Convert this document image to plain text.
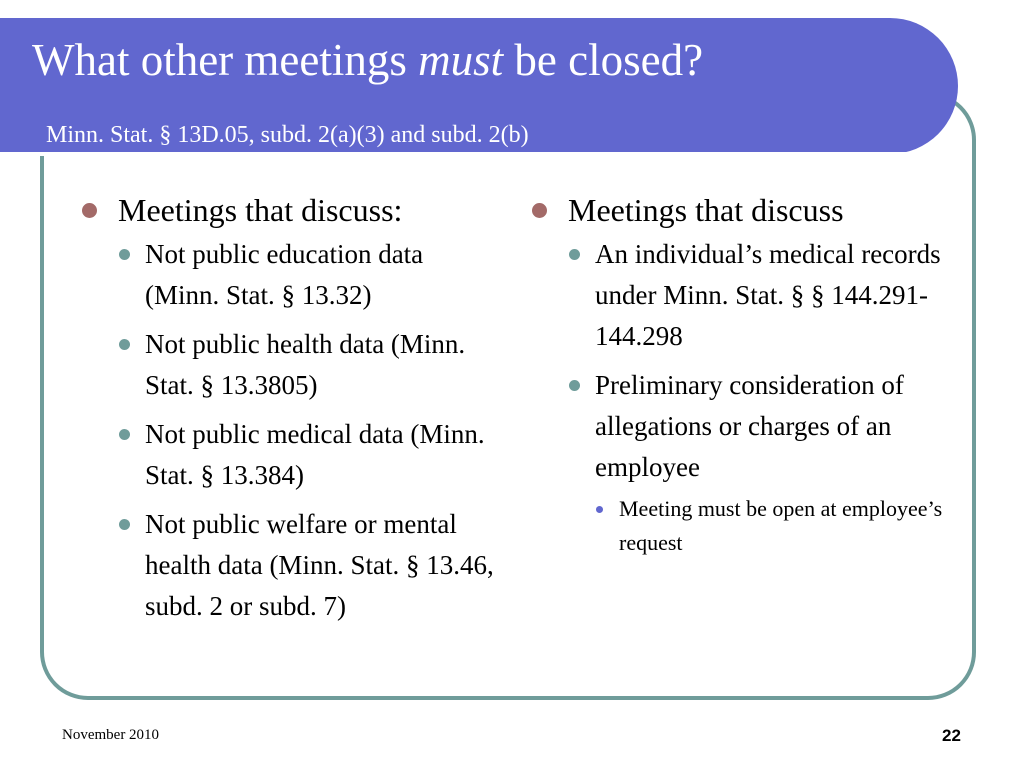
What other meetings must be closed?

Minn. Stat. § 13D.05, subd. 2(a)(3) and subd. 2(b)

Meetings that discuss:
Not public education data (Minn. Stat. § 13.32)
Not public health data (Minn. Stat. § 13.3805)
Not public medical data (Minn. Stat. § 13.384)
Not public welfare or mental health data (Minn. Stat. § 13.46, subd. 2 or subd. 7)
Meetings that discuss
An individual’s medical records under Minn. Stat. § § 144.291-144.298
Preliminary consideration of allegations or charges of an employee
Meeting must be open at employee’s request
November 2010	22
